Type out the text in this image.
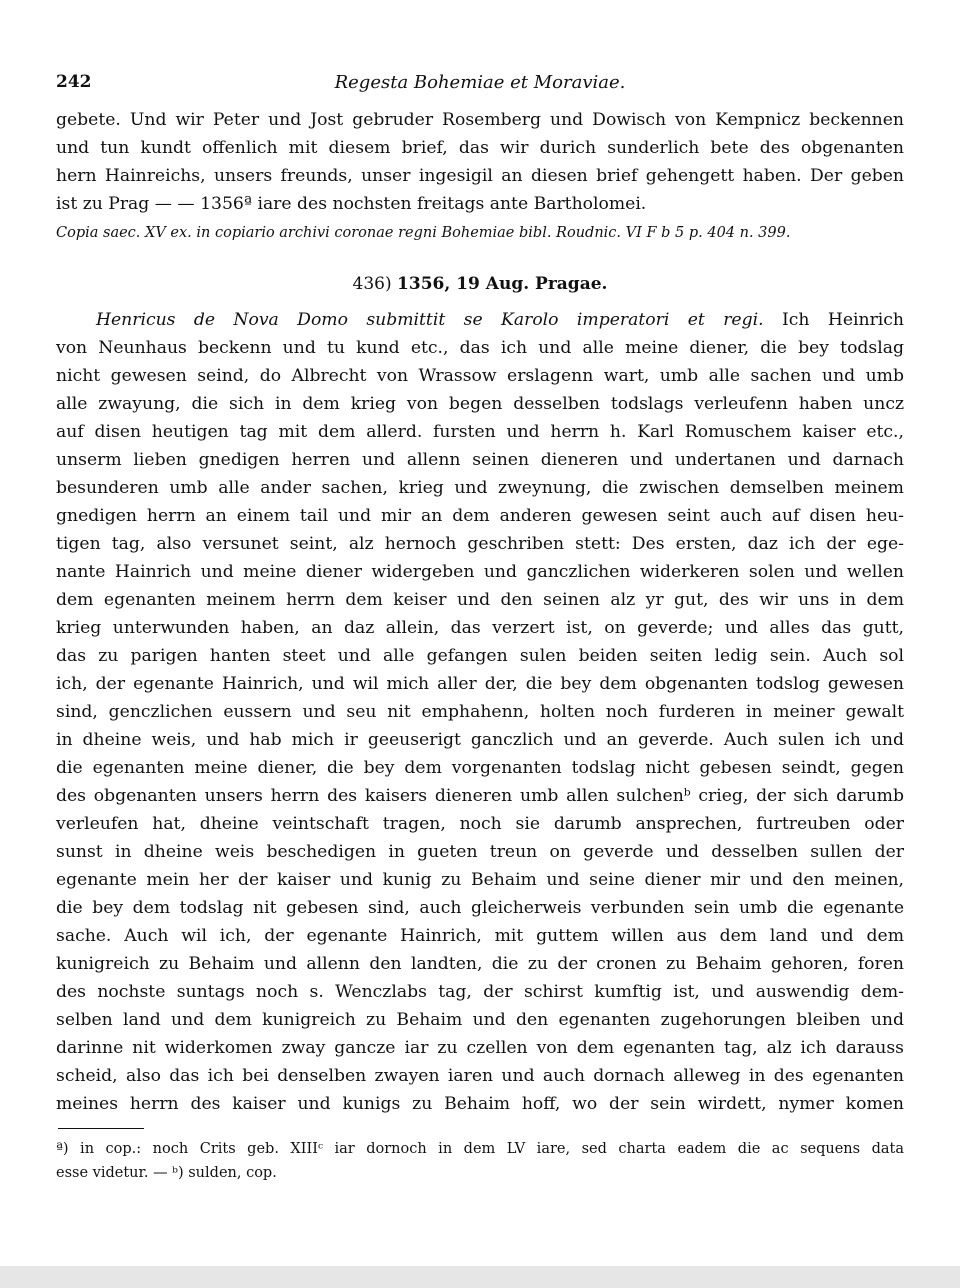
242	Regesta Bohemiae et Moraviae.
gebete. Und wir Peter und Jost gebruder Rosemberg und Dowisch von Kempnicz beckennen
und tun kundt offenlich mit diesem brief, das wir durich sunderlich bete des obgenanten
hern Hainreichs, unsers freunds, unser ingesigil an diesen brief gehengett haben. Der geben
ist zu Prag — — 1356ª iare des nochsten freitags ante Bartholomei.
Copia saec. XV ex. in copiario archivi coronae regni Bohemiae bibl. Roudnic. VI F b 5 p. 404 n. 399.
436) 1356, 19 Aug. Pragae.
Henricus de Nova Domo submittit se Karolo imperatori et regi. Ich Heinrich
von Neunhaus beckenn und tu kund etc., das ich und alle meine diener, die bey todslag
nicht gewesen seind, do Albrecht von Wrassow erslagenn wart, umb alle sachen und umb
alle zwayung, die sich in dem krieg von begen desselben todslags verleufenn haben uncz
auf disen heutigen tag mit dem allerd. fursten und herrn h. Karl Romuschem kaiser etc.,
unserm lieben gnedigen herren und allenn seinen dieneren und undertanen und darnach
besunderen umb alle ander sachen, krieg und zweynung, die zwischen demselben meinem
gnedigen herrn an einem tail und mir an dem anderen gewesen seint auch auf disen heu-
tigen tag, also versunet seint, alz hernoch geschriben stett: Des ersten, daz ich der ege-
nante Hainrich und meine diener widergeben und ganczlichen widerkeren solen und wellen
dem egenanten meinem herrn dem keiser und den seinen alz yr gut, des wir uns in dem
krieg unterwunden haben, an daz allein, das verzert ist, on geverde; und alles das gutt,
das zu parigen hanten steet und alle gefangen sulen beiden seiten ledig sein. Auch sol
ich, der egenante Hainrich, und wil mich aller der, die bey dem obgenanten todslog gewesen
sind, genczlichen eussern und seu nit emphahenn, holten noch furderen in meiner gewalt
in dheine weis, und hab mich ir geeuserigt ganczlich und an geverde. Auch sulen ich und
die egenanten meine diener, die bey dem vorgenanten todslag nicht gebesen seindt, gegen
des obgenanten unsers herrn des kaisers dieneren umb allen sulchenᵇ crieg, der sich darumb
verleufen hat, dheine veintschaft tragen, noch sie darumb ansprechen, furtreuben oder
sunst in dheine weis beschedigen in gueten treun on geverde und desselben sullen der
egenante mein her der kaiser und kunig zu Behaim und seine diener mir und den meinen,
die bey dem todslag nit gebesen sind, auch gleicherweis verbunden sein umb die egenante
sache. Auch wil ich, der egenante Hainrich, mit guttem willen aus dem land und dem
kunigreich zu Behaim und allenn den landten, die zu der cronen zu Behaim gehoren, foren
des nochste suntags noch s. Wenczlabs tag, der schirst kumftig ist, und auswendig dem-
selben land und dem kunigreich zu Behaim und den egenanten zugehorungen bleiben und
darinne nit widerkomen zway gancze iar zu czellen von dem egenanten tag, alz ich darauss
scheid, also das ich bei denselben zwayen iaren und auch dornach alleweg in des egenanten
meines herrn des kaiser und kunigs zu Behaim hoff, wo der sein wirdett, nymer komen
ª) in cop.: noch Crits geb. XIIIᶜ iar dornoch in dem LV iare, sed charta eadem die ac sequens data
esse videtur. — ᵇ) sulden, cop.
